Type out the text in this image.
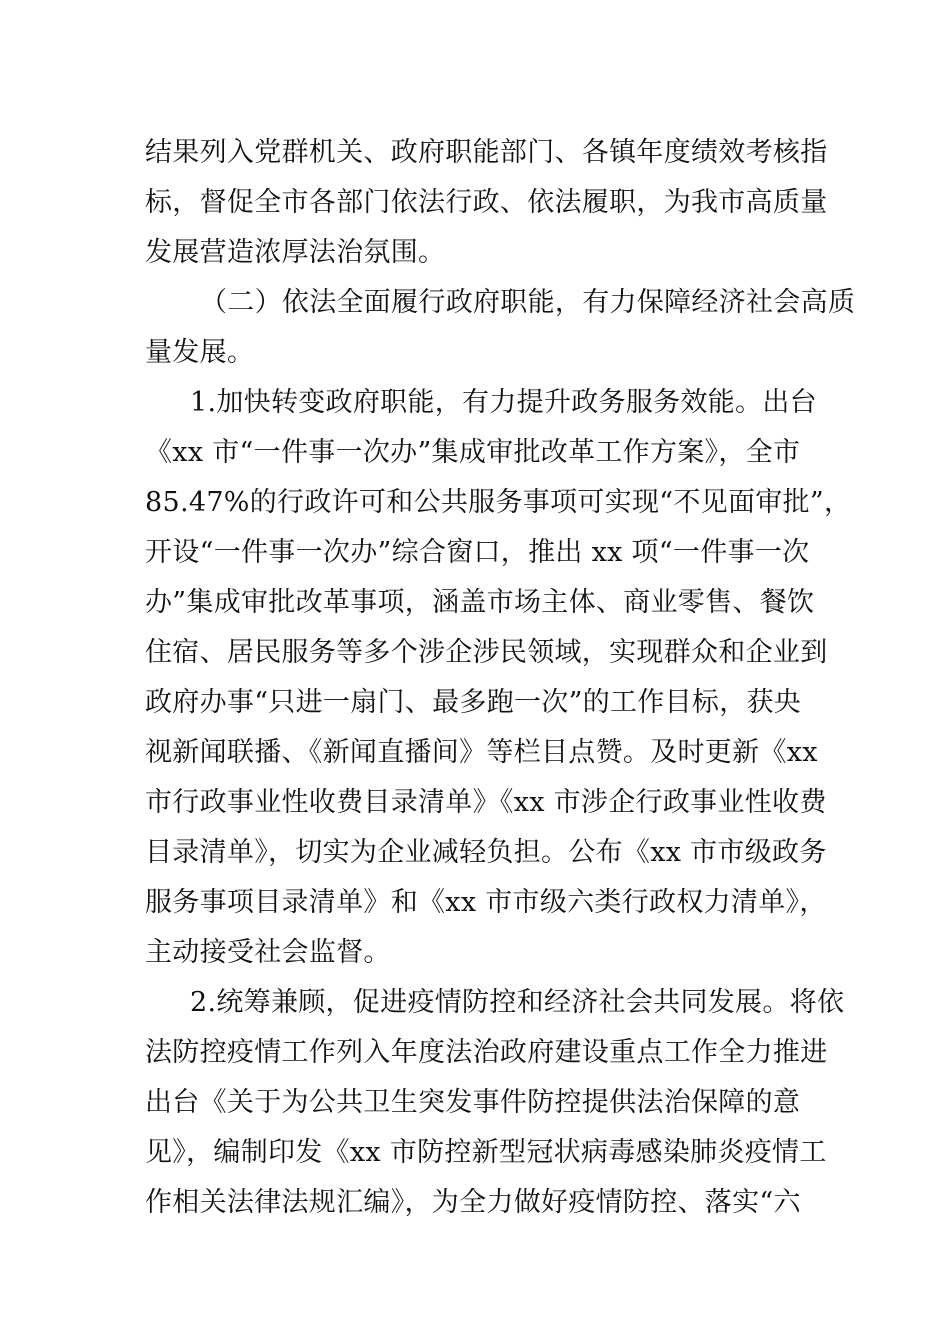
结果列入党群机关、政府职能部门、各镇年度绩效考核指
标，督促全市各部门依法行政、依法履职，为我市高质量
发展营造浓厚法治氛围。
（二）依法全面履行政府职能，有力保障经济社会高质
量发展。
1.加快转变政府职能，有力提升政务服务效能。出台
《xx 市“一件事一次办”集成审批改革工作方案》，全市
85.47%的行政许可和公共服务事项可实现“不见面审批”，
开设“一件事一次办”综合窗口，推出 xx 项“一件事一次
办”集成审批改革事项，涵盖市场主体、商业零售、餐饮
住宿、居民服务等多个涉企涉民领域，实现群众和企业到
政府办事“只进一扇门、最多跑一次”的工作目标，获央
视新闻联播、《新闻直播间》等栏目点赞。及时更新《xx
市行政事业性收费目录清单》《xx 市涉企行政事业性收费
目录清单》，切实为企业减轻负担。公布《xx 市市级政务
服务事项目录清单》和《xx 市市级六类行政权力清单》，
主动接受社会监督。
2.统筹兼顾，促进疫情防控和经济社会共同发展。将依
法防控疫情工作列入年度法治政府建设重点工作全力推进
出台《关于为公共卫生突发事件防控提供法治保障的意
见》，编制印发《xx 市防控新型冠状病毒感染肺炎疫情工
作相关法律法规汇编》，为全力做好疫情防控、落实“六
